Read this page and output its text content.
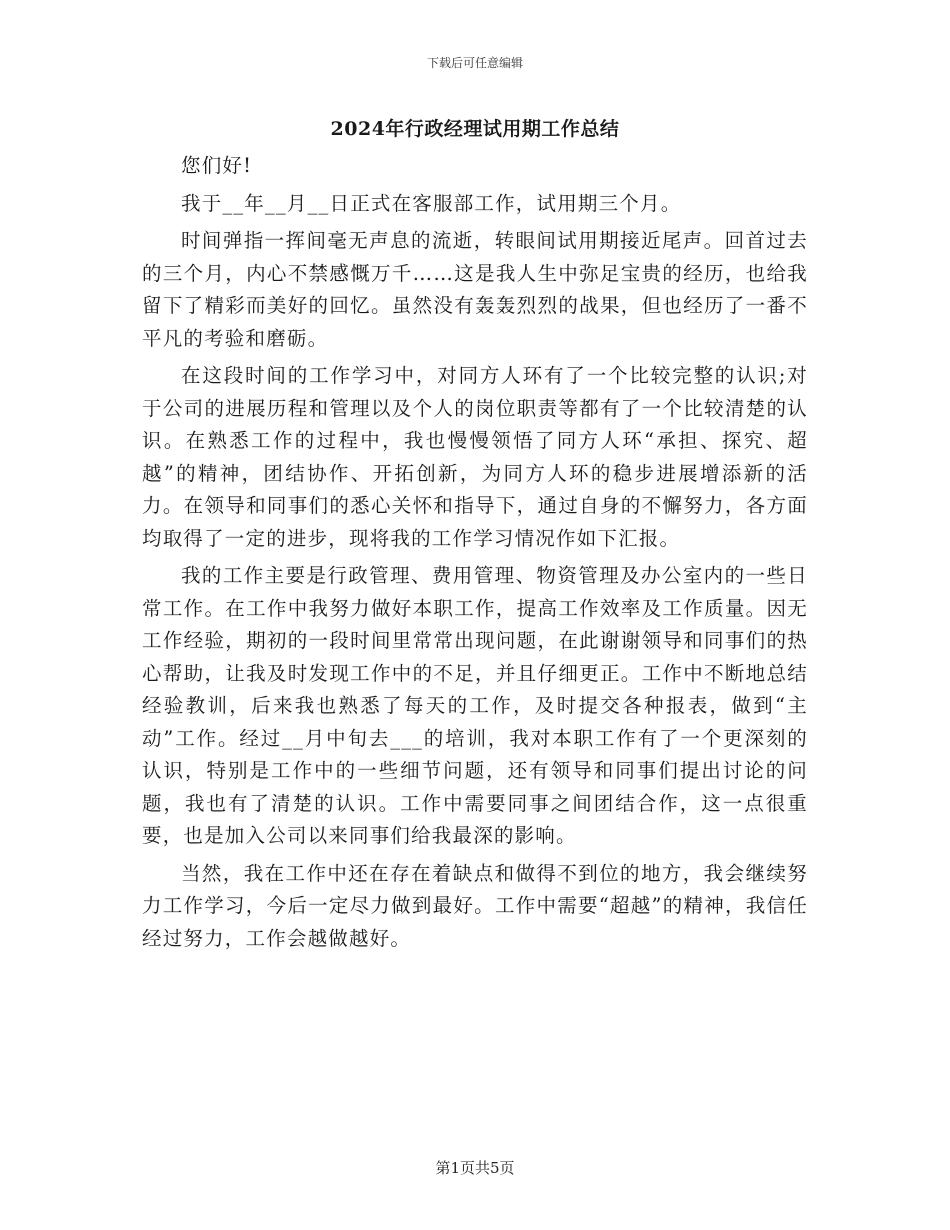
下载后可任意编辑
2024年行政经理试用期工作总结

您们好!

我于__年__月__日正式在客服部工作，试用期三个月。

时间弹指一挥间毫无声息的流逝，转眼间试用期接近尾声。回首过去的三个月，内心不禁感慨万千……这是我人生中弥足宝贵的经历，也给我留下了精彩而美好的回忆。虽然没有轰轰烈烈的战果，但也经历了一番不平凡的考验和磨砺。

在这段时间的工作学习中，对同方人环有了一个比较完整的认识;对于公司的进展历程和管理以及个人的岗位职责等都有了一个比较清楚的认识。在熟悉工作的过程中，我也慢慢领悟了同方人环“承担、探究、超越”的精神，团结协作、开拓创新，为同方人环的稳步进展增添新的活力。在领导和同事们的悉心关怀和指导下，通过自身的不懈努力，各方面均取得了一定的进步，现将我的工作学习情况作如下汇报。

我的工作主要是行政管理、费用管理、物资管理及办公室内的一些日常工作。在工作中我努力做好本职工作，提高工作效率及工作质量。因无工作经验，期初的一段时间里常常出现问题，在此谢谢领导和同事们的热心帮助，让我及时发现工作中的不足，并且仔细更正。工作中不断地总结经验教训，后来我也熟悉了每天的工作，及时提交各种报表，做到“主动”工作。经过__月中旬去___的培训，我对本职工作有了一个更深刻的认识，特别是工作中的一些细节问题，还有领导和同事们提出讨论的问题，我也有了清楚的认识。工作中需要同事之间团结合作，这一点很重要，也是加入公司以来同事们给我最深的影响。

当然，我在工作中还在存在着缺点和做得不到位的地方，我会继续努力工作学习，今后一定尽力做到最好。工作中需要“超越”的精神，我信任经过努力，工作会越做越好。

第1页共5页
